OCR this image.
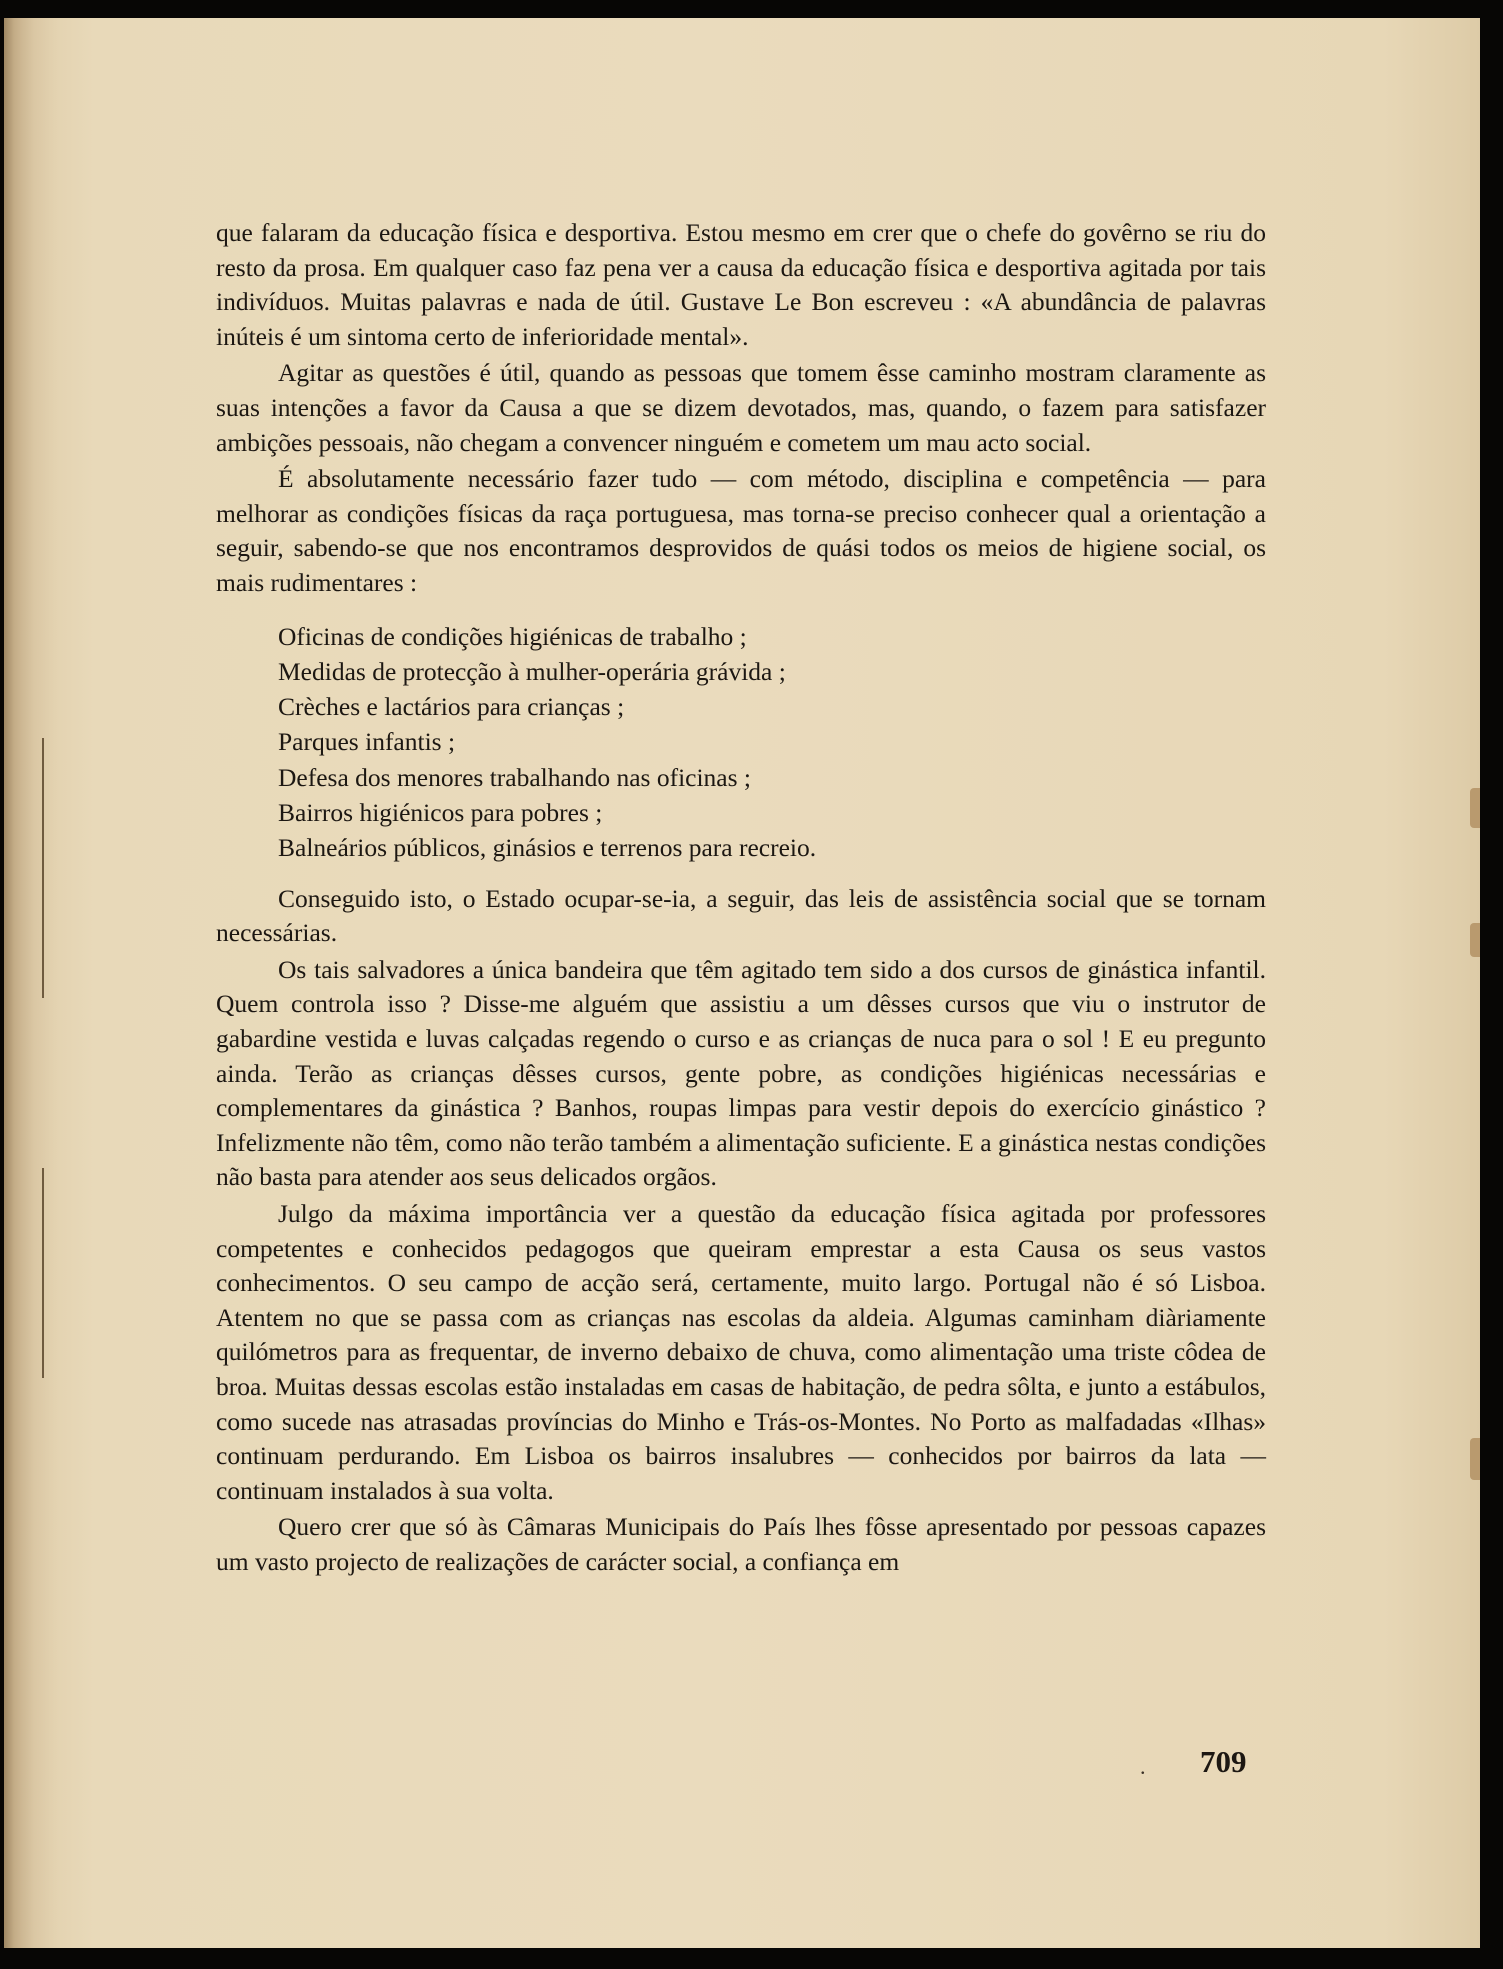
que falaram da educação física e desportiva. Estou mesmo em crer que o chefe do govêrno se riu do resto da prosa. Em qualquer caso faz pena ver a causa da educação física e desportiva agitada por tais indivíduos. Muitas palavras e nada de útil. Gustave Le Bon escreveu : «A abundância de palavras inúteis é um sintoma certo de inferioridade mental».

Agitar as questões é útil, quando as pessoas que tomem êsse caminho mostram claramente as suas intenções a favor da Causa a que se dizem devotados, mas, quando, o fazem para satisfazer ambições pessoais, não chegam a convencer ninguém e cometem um mau acto social.

É absolutamente necessário fazer tudo — com método, disciplina e competência — para melhorar as condições físicas da raça portuguesa, mas torna-se preciso conhecer qual a orientação a seguir, sabendo-se que nos encontramos desprovidos de quási todos os meios de higiene social, os mais rudimentares :

Oficinas de condições higiénicas de trabalho ;
Medidas de protecção à mulher-operária grávida ;
Crèches e lactários para crianças ;
Parques infantis ;
Defesa dos menores trabalhando nas oficinas ;
Bairros higiénicos para pobres ;
Balneários públicos, ginásios e terrenos para recreio.

Conseguido isto, o Estado ocupar-se-ia, a seguir, das leis de assistência social que se tornam necessárias.

Os tais salvadores a única bandeira que têm agitado tem sido a dos cursos de ginástica infantil. Quem controla isso ? Disse-me alguém que assistiu a um dêsses cursos que viu o instrutor de gabardine vestida e luvas calçadas regendo o curso e as crianças de nuca para o sol ! E eu pregunto ainda. Terão as crianças dêsses cursos, gente pobre, as condições higiénicas necessárias e complementares da ginástica ? Banhos, roupas limpas para vestir depois do exercício ginástico ? Infelizmente não têm, como não terão também a alimentação suficiente. E a ginástica nestas condições não basta para atender aos seus delicados orgãos.

Julgo da máxima importância ver a questão da educação física agitada por professores competentes e conhecidos pedagogos que queiram emprestar a esta Causa os seus vastos conhecimentos. O seu campo de acção será, certamente, muito largo. Portugal não é só Lisboa. Atentem no que se passa com as crianças nas escolas da aldeia. Algumas caminham diàriamente quilómetros para as frequentar, de inverno debaixo de chuva, como alimentação uma triste côdea de broa. Muitas dessas escolas estão instaladas em casas de habitação, de pedra sôlta, e junto a estábulos, como sucede nas atrasadas províncias do Minho e Trás-os-Montes. No Porto as malfadadas «Ilhas» continuam perdurando. Em Lisboa os bairros insalubres — conhecidos por bairros da lata — continuam instalados à sua volta.

Quero crer que só às Câmaras Municipais do País lhes fôsse apresentado por pessoas capazes um vasto projecto de realizações de carácter social, a confiança em

. 709
